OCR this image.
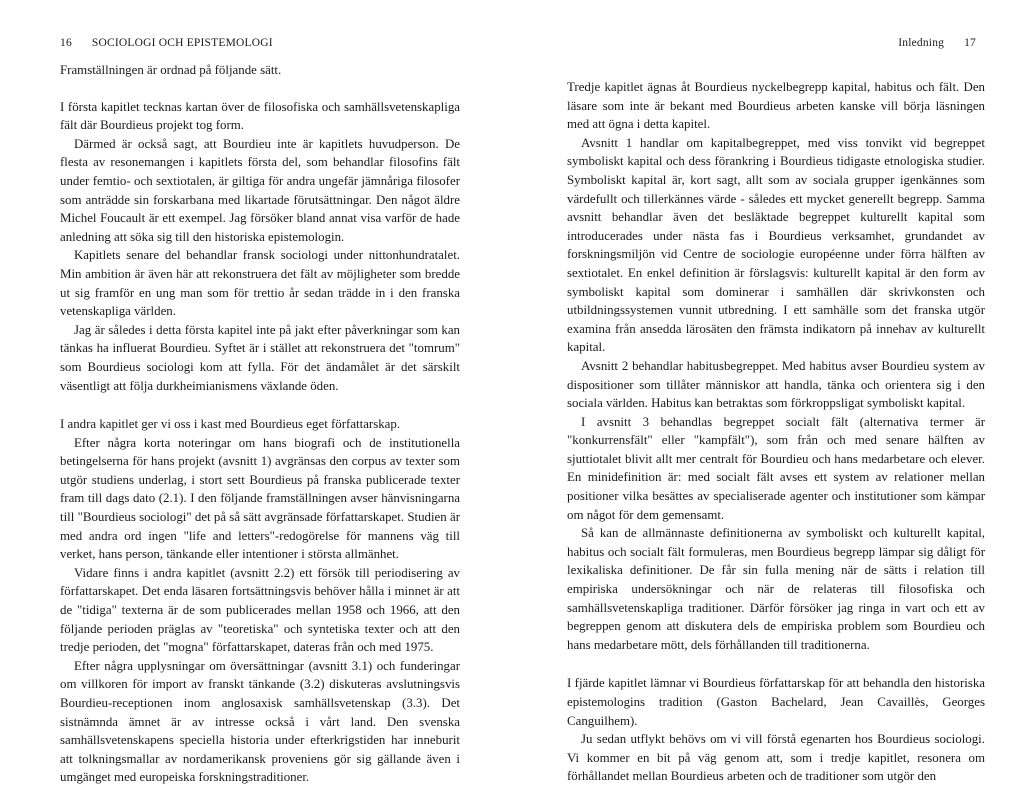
16 SOCIOLOGI OCH EPISTEMOLOGI

Framställningen är ordnad på följande sätt.

I första kapitlet tecknas kartan över de filosofiska och samhällsvetenskapliga fält där Bourdieus projekt tog form.

Därmed är också sagt, att Bourdieu inte är kapitlets huvudperson. De flesta av resonemangen i kapitlets första del, som behandlar filosofins fält under femtio- och sextiotalen, är giltiga för andra ungefär jämnåriga filosofer som anträdde sin forskarbana med likartade förutsättningar. Den något äldre Michel Foucault är ett exempel. Jag försöker bland annat visa varför de hade anledning att söka sig till den historiska epistemologin.

Kapitlets senare del behandlar fransk sociologi under nittonhundratalet. Min ambition är även här att rekonstruera det fält av möjligheter som bredde ut sig framför en ung man som för trettio år sedan trädde in i den franska vetenskapliga världen.

Jag är således i detta första kapitel inte på jakt efter påverkningar som kan tänkas ha influerat Bourdieu. Syftet är i stället att rekonstruera det "tomrum" som Bourdieus sociologi kom att fylla. För det ändamålet är det särskilt väsentligt att följa durkheimianismens växlande öden.

I andra kapitlet ger vi oss i kast med Bourdieus eget författarskap.

Efter några korta noteringar om hans biografi och de institutionella betingelserna för hans projekt (avsnitt 1) avgränsas den corpus av texter som utgör studiens underlag, i stort sett Bourdieus på franska publicerade texter fram till dags dato (2.1). I den följande framställningen avser hänvisningarna till "Bourdieus sociologi" det på så sätt avgränsade författarskapet. Studien är med andra ord ingen "life and letters"-redogörelse för mannens väg till verket, hans person, tänkande eller intentioner i största allmänhet.

Vidare finns i andra kapitlet (avsnitt 2.2) ett försök till periodisering av författarskapet. Det enda läsaren fortsättningsvis behöver hålla i minnet är att de "tidiga" texterna är de som publicerades mellan 1958 och 1966, att den följande perioden präglas av "teoretiska" och syntetiska texter och att den tredje perioden, det "mogna" författarskapet, dateras från och med 1975.

Efter några upplysningar om översättningar (avsnitt 3.1) och funderingar om villkoren för import av franskt tänkande (3.2) diskuteras avslutningsvis Bourdieu-receptionen inom anglosaxisk samhällsvetenskap (3.3). Det sistnämnda ämnet är av intresse också i vårt land. Den svenska samhällsvetenskapens speciella historia under efterkrigstiden har inneburit att tolkningsmallar av nordamerikansk proveniens gör sig gällande även i umgänget med europeiska forskningstraditioner.

Inledning 17

Tredje kapitlet ägnas åt Bourdieus nyckelbegrepp kapital, habitus och fält. Den läsare som inte är bekant med Bourdieus arbeten kanske vill börja läsningen med att ögna i detta kapitel.

Avsnitt 1 handlar om kapitalbegreppet, med viss tonvikt vid begreppet symboliskt kapital och dess förankring i Bourdieus tidigaste etnologiska studier. Symboliskt kapital är, kort sagt, allt som av sociala grupper igenkännes som värdefullt och tillerkännes värde - således ett mycket generellt begrepp. Samma avsnitt behandlar även det besläktade begreppet kulturellt kapital som introducerades under nästa fas i Bourdieus verksamhet, grundandet av forskningsmiljön vid Centre de sociologie européenne under förra hälften av sextiotalet. En enkel definition är förslagsvis: kulturellt kapital är den form av symboliskt kapital som dominerar i samhällen där skrivkonsten och utbildningssystemen vunnit utbredning. I ett samhälle som det franska utgör examina från ansedda lärosäten den främsta indikatorn på innehav av kulturellt kapital.

Avsnitt 2 behandlar habitusbegreppet. Med habitus avser Bourdieu system av dispositioner som tillåter människor att handla, tänka och orientera sig i den sociala världen. Habitus kan betraktas som förkroppsligat symboliskt kapital.

I avsnitt 3 behandlas begreppet socialt fält (alternativa termer är "konkurrensfält" eller "kampfält"), som från och med senare hälften av sjuttiotalet blivit allt mer centralt för Bourdieu och hans medarbetare och elever. En minidefinition är: med socialt fält avses ett system av relationer mellan positioner vilka besättes av specialiserade agenter och institutioner som kämpar om något för dem gemensamt.

Så kan de allmännaste definitionerna av symboliskt och kulturellt kapital, habitus och socialt fält formuleras, men Bourdieus begrepp lämpar sig dåligt för lexikaliska definitioner. De får sin fulla mening när de sätts i relation till empiriska undersökningar och när de relateras till filosofiska och samhällsvetenskapliga traditioner. Därför försöker jag ringa in vart och ett av begreppen genom att diskutera dels de empiriska problem som Bourdieu och hans medarbetare mött, dels förhållanden till traditionerna.

I fjärde kapitlet lämnar vi Bourdieus författarskap för att behandla den historiska epistemologins tradition (Gaston Bachelard, Jean Cavaillès, Georges Canguilhem).

Ju sedan utflykt behövs om vi vill förstå egenarten hos Bourdieus sociologi. Vi kommer en bit på väg genom att, som i tredje kapitlet, resonera om förhållandet mellan Bourdieus arbeten och de traditioner som utgör den
